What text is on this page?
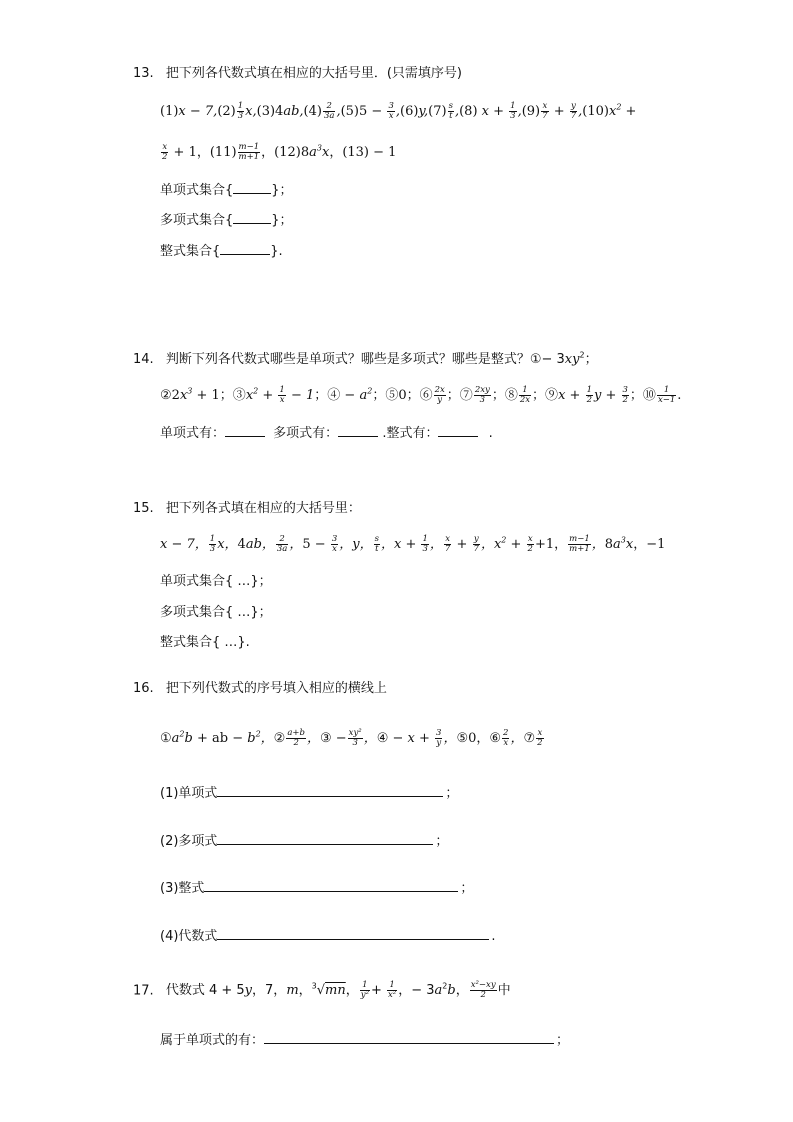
13. 把下列各代数式填在相应的大括号里．(只需填序号)
$(1)x - 7,(2) \frac{1}{3} x,(3)4ab,(4) \frac{2}{3a} ,(5)5 - \frac{3}{x} ,(6)y,(7) \frac{s}{t} ,(8) x + \frac{1}{3} ,(9) \frac{x}{7} + \frac{y}{7} ,(10)x^2$ +
$\frac{x}{2} + 1$，$(11) \frac{m-1}{m+1}$ ，$(12)8a^3x$，(13) − 1
单项式集合{	}；
多项式集合{	}；
整式集合{	}.
14. 判断下列各代数式哪些是单项式？哪些是多项式？哪些是整式？①− $3xy^2$；
$②2x^3 + 1$；$③x^2 + \frac{1}{x} - 1$；④ − $a^2$；⑤0；⑥ $\frac{2x}{y}$ ；⑦ $\frac{2xy}{3}$ ；⑧ $\frac{1}{2x}$ ；⑨x + $\frac{1}{2}$ $y + \frac{3}{2}$ ；⑩ $\frac{1}{x-1}$ .
单项式有：	多项式有：	.整式有：	.
15. 把下列各式填在相应的大括号里：
x − 7， $\frac{1}{3}$ x，4ab， $\frac{2}{3a}$ ，$5 - \frac{3}{x}$ ，y， $\frac{s}{t}$ ，$x + \frac{1}{3}$ ， $\frac{x}{7} + \frac{y}{7}$ ，$x^2 + \frac{x}{2} +1$， $\frac{m-1}{m+1}$ ，$8a^3x$，−1
单项式集合{ …}；
多项式集合{ …}；
整式集合{ …}.
16. 把下列代数式的序号填入相应的横线上
$①a^2b$ + ab − $b^2$，② $\frac{a+b}{2}$ ，③ − $\frac{\text{xy²}}{3}$ ，④ − $x + \frac{3}{y}$ ，⑤0，⑥ $\frac{2}{x}$ ，⑦ $\frac{x}{2}$
(1)单项式	；
(2)多项式	；
(3)整式	；
(4)代数式	.
17. 代数式 4 + 5y，7，m，$^3$√mn， $\frac{1}{\text{y²}} + \frac{1}{\text{x²}}$ ，− $3a^2b$， $\frac{\text{x²−xy}}{2}$ 中
属于单项式的有：	；
